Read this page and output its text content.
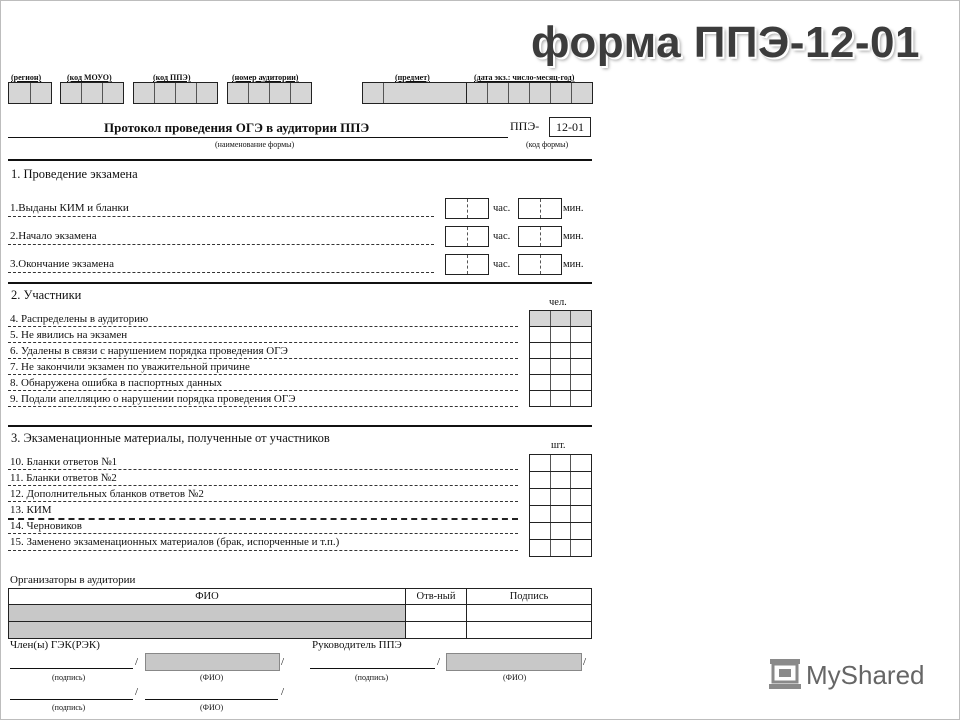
форма ППЭ-12-01
(регион)	(код МОУО)	(код ППЭ)	(номер аудитории)	(предмет)	(дата экз.: число-месяц-год)
Протокол проведения ОГЭ в аудитории ППЭ
(наименование формы)
ППЭ-	12-01
(код формы)
1. Проведение экзамена
1.Выданы КИМ и бланки	час.	мин.
2.Начало экзамена	час.	мин.
3.Окончание экзамена	час.	мин.
2. Участники
чел.
4. Распределены в аудиторию
5. Не явились на экзамен
6. Удалены в связи с нарушением порядка проведения ОГЭ
7. Не закончили экзамен по уважительной причине
8. Обнаружена ошибка в паспортных данных
9. Подали апелляцию о нарушении порядка проведения ОГЭ
3. Экзаменационные материалы, полученные от участников
шт.
10. Бланки ответов №1
11. Бланки ответов №2
12. Дополнительных бланков ответов №2
13. КИМ
14. Черновиков
15. Заменено экзаменационных материалов (брак, испорченные и т.п.)
Организаторы в аудитории
ФИО	Отв-ный	Подпись

Член(ы) ГЭК(РЭК)	Руководитель ППЭ
/	/
(подпись)	(ФИО)
/	/
(подпись)	(ФИО)
/	/
(подпись)	(ФИО)
MyShared
